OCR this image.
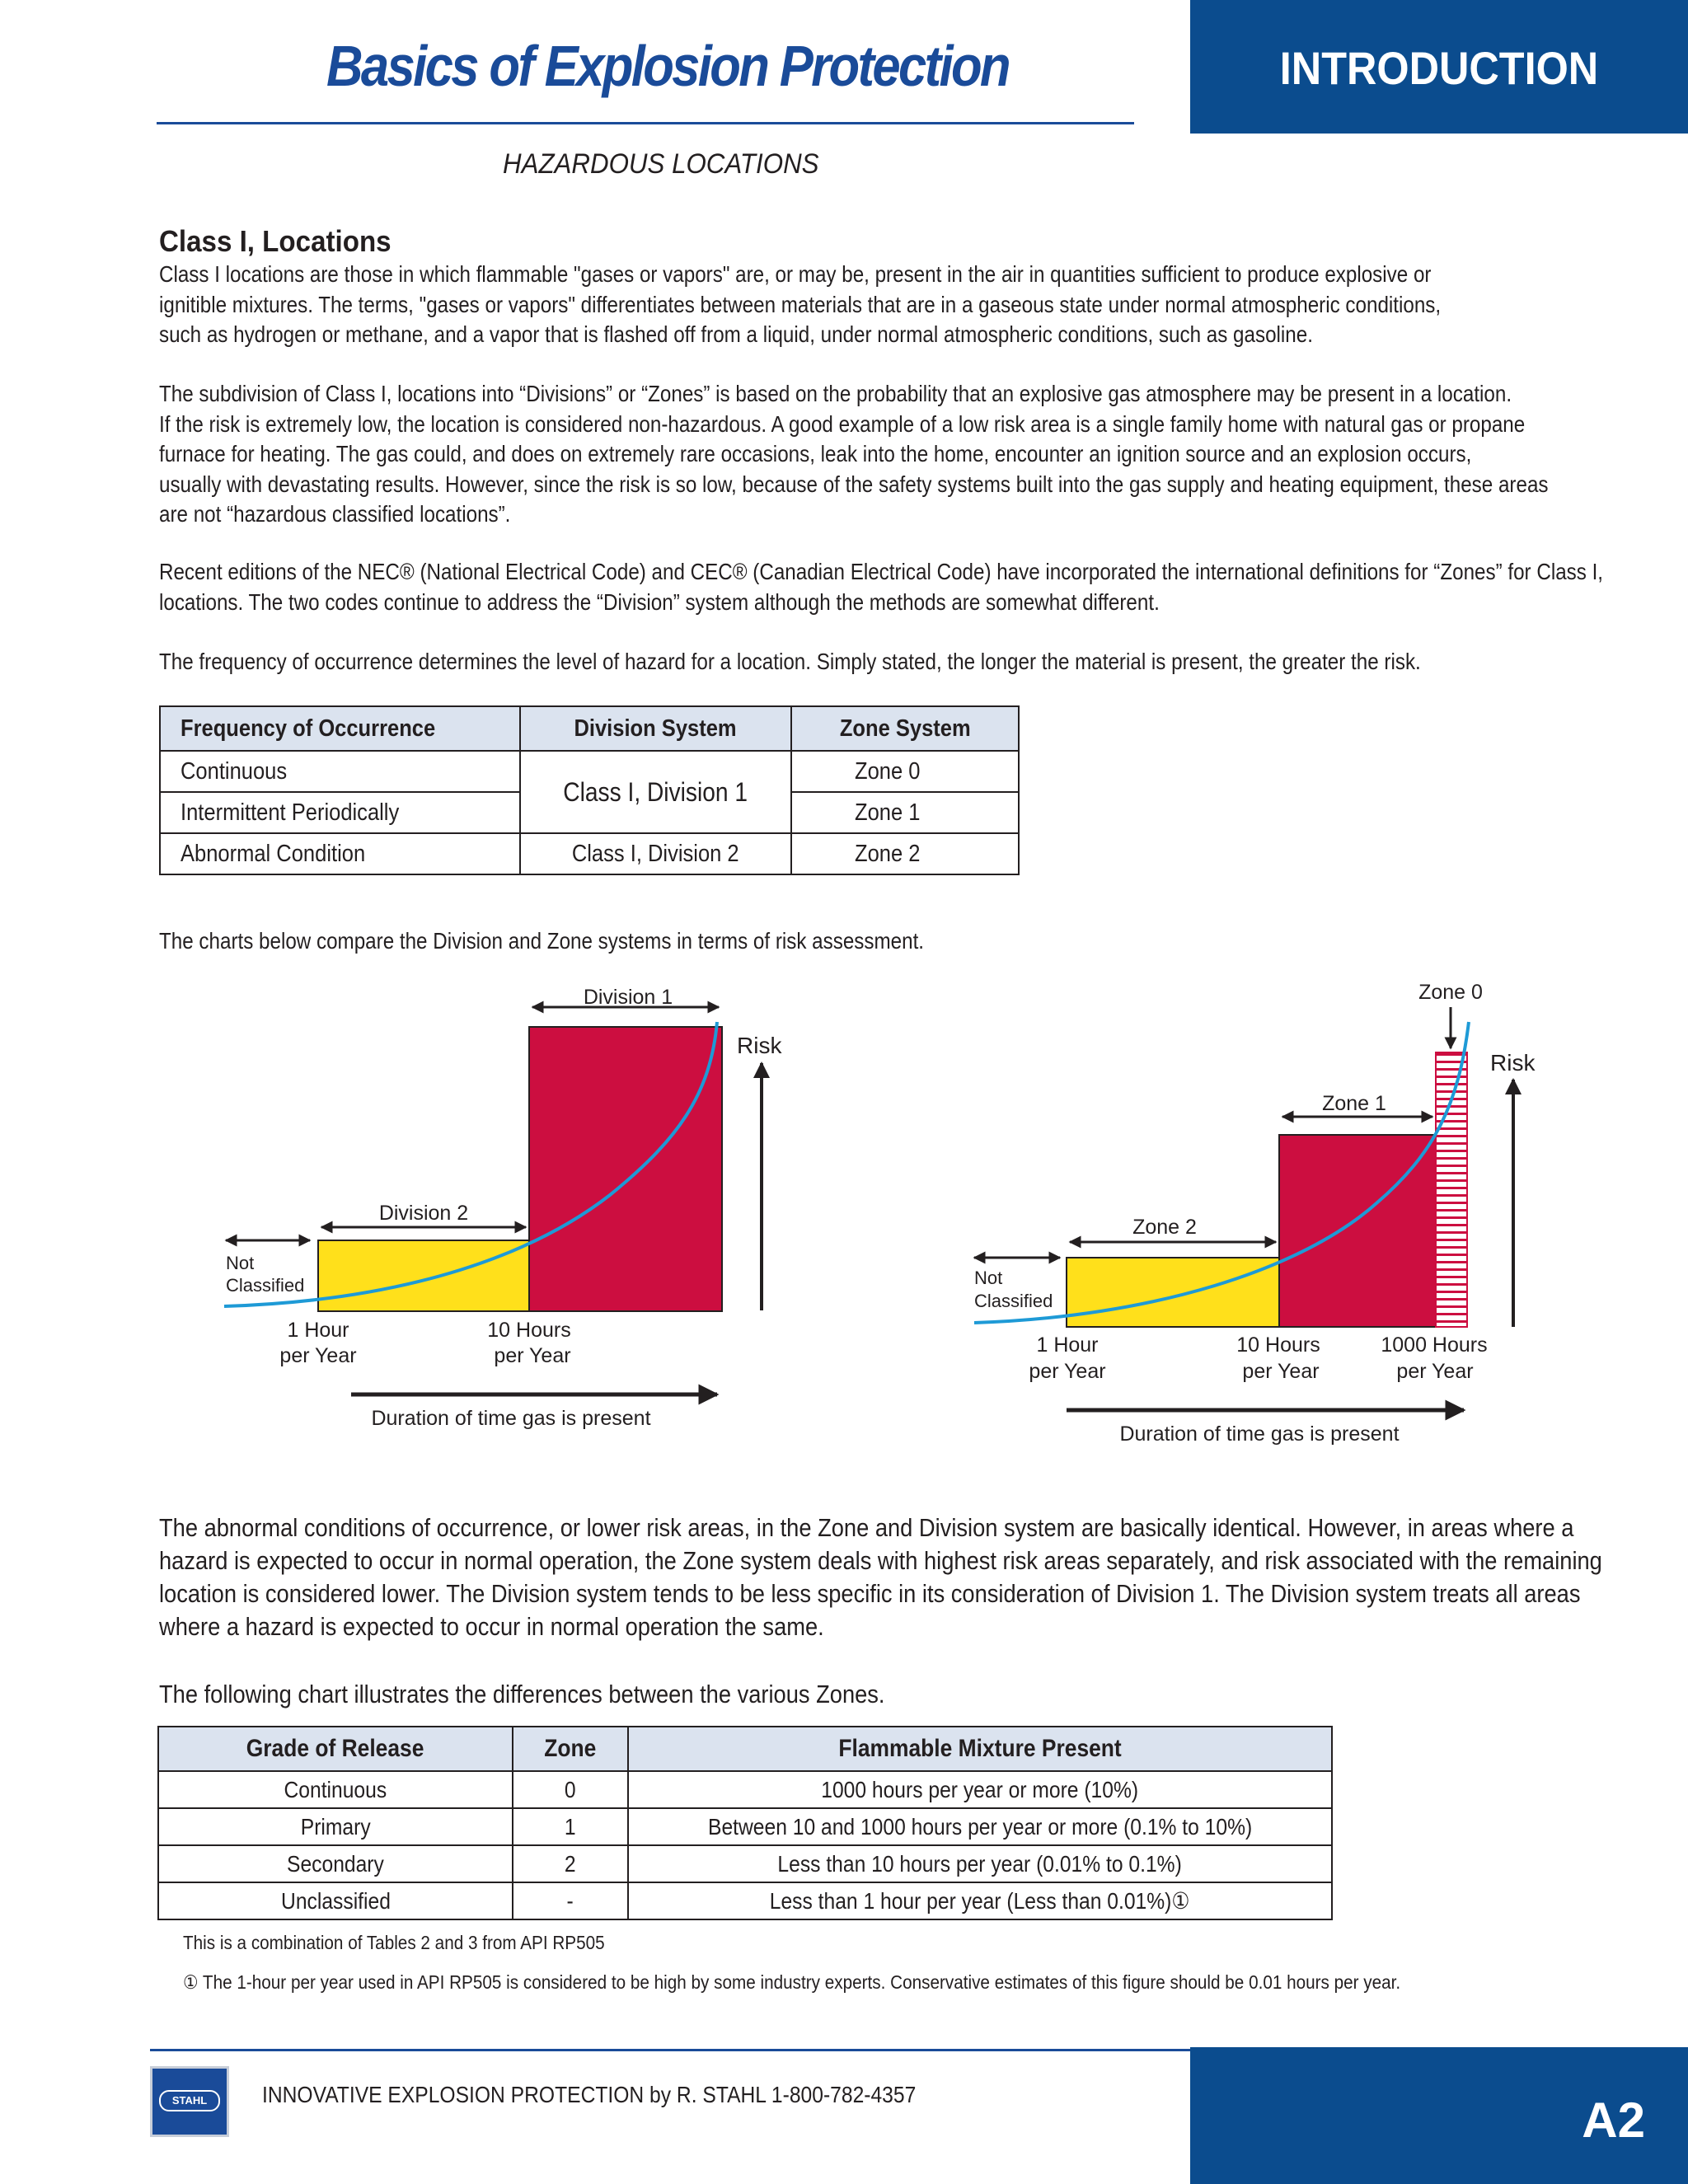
Basics of Explosion Protection	INTRODUCTION
HAZARDOUS LOCATIONS
Class I, Locations

Class I locations are those in which flammable "gases or vapors" are, or may be, present in the air in quantities sufficient to produce explosive or

ignitible mixtures. The terms, "gases or vapors" differentiates between materials that are in a gaseous state under normal atmospheric conditions,

such as hydrogen or methane, and a vapor that is flashed off from a liquid, under normal atmospheric conditions, such as gasoline.

The subdivision of Class I, locations into “Divisions” or “Zones” is based on the probability that an explosive gas atmosphere may be present in a location.

If the risk is extremely low, the location is considered non-hazardous. A good example of a low risk area is a single family home with natural gas or propane

furnace for heating. The gas could, and does on extremely rare occasions, leak into the home, encounter an ignition source and an explosion occurs,

usually with devastating results. However, since the risk is so low, because of the safety systems built into the gas supply and heating equipment, these areas

are not “hazardous classified locations”.

Recent editions of the NEC® (National Electrical Code) and CEC® (Canadian Electrical Code) have incorporated the international definitions for “Zones” for Class I,

locations. The two codes continue to address the “Division” system although the methods are somewhat different.

The frequency of occurrence determines the level of hazard for a location. Simply stated, the longer the material is present, the greater the risk.

Frequency of Occurrence	Division System	Zone System
Continuous	Class I, Division 1	Zone 0
Intermittent Periodically		Zone 1
Abnormal Condition	Class I, Division 2	Zone 2

The charts below compare the Division and Zone systems in terms of risk assessment.

Not
Classified
Division 2
Division 1
Risk
1 Hour
per Year
10 Hours
per Year
Duration of time gas is present
Not
Classified
Zone 2
Zone 1
Zone 0
Risk
1 Hour
per Year
10 Hours
per Year
1000 Hours
per Year
Duration of time gas is present

The abnormal conditions of occurrence, or lower risk areas, in the Zone and Division system are basically identical. However, in areas where a

hazard is expected to occur in normal operation, the Zone system deals with highest risk areas separately, and risk associated with the remaining

location is considered lower. The Division system tends to be less specific in its consideration of Division 1. The Division system treats all areas

where a hazard is expected to occur in normal operation the same.

The following chart illustrates the differences between the various Zones.

Grade of Release	Zone	Flammable Mixture Present
Continuous	0	1000 hours per year or more (10%)
Primary	1	Between 10 and 1000 hours per year or more (0.1% to 10%)
Secondary	2	Less than 10 hours per year (0.01% to 0.1%)
Unclassified	-	Less than 1 hour per year (Less than 0.01%)①
This is a combination of Tables 2 and 3 from API RP505
① The 1-hour per year used in API RP505 is considered to be high by some industry experts. Conservative estimates of this figure should be 0.01 hours per year.
A2
STAHL	INNOVATIVE EXPLOSION PROTECTION by R. STAHL 1-800-782-4357
